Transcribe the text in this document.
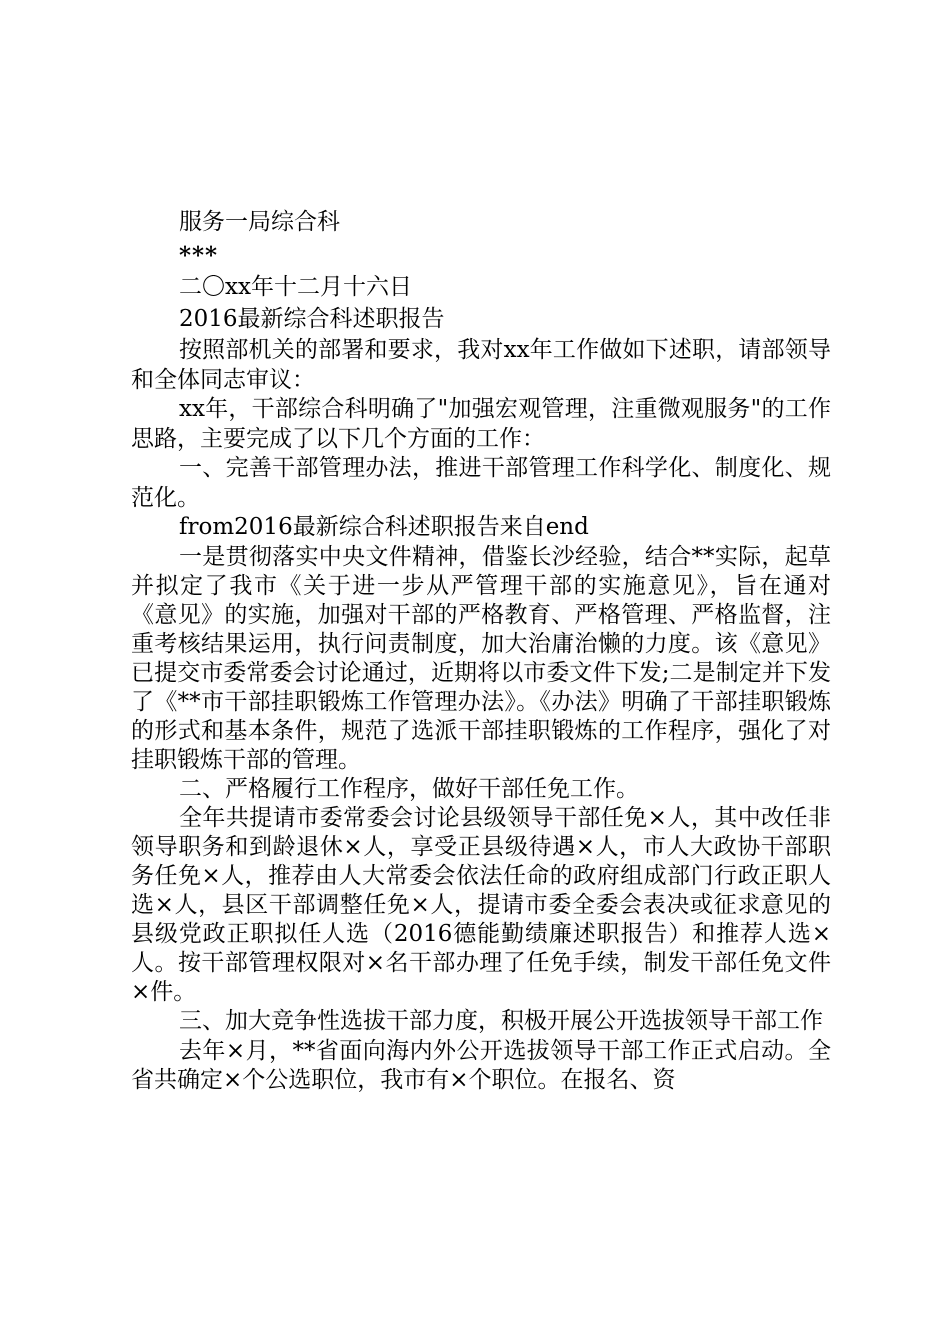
服务一局综合科

***

二〇xx年十二月十六日

2016最新综合科述职报告

按照部机关的部署和要求，我对xx年工作做如下述职，请部领导和全体同志审议：

xx年，干部综合科明确了"加强宏观管理，注重微观服务"的工作思路，主要完成了以下几个方面的工作：

一、完善干部管理办法，推进干部管理工作科学化、制度化、规范化。

from2016最新综合科述职报告来自end

一是贯彻落实中央文件精神，借鉴长沙经验，结合**实际，起草并拟定了我市《关于进一步从严管理干部的实施意见》，旨在通对《意见》的实施，加强对干部的严格教育、严格管理、严格监督，注重考核结果运用，执行问责制度，加大治庸治懒的力度。该《意见》已提交市委常委会讨论通过，近期将以市委文件下发;二是制定并下发了《**市干部挂职锻炼工作管理办法》。《办法》明确了干部挂职锻炼的形式和基本条件，规范了选派干部挂职锻炼的工作程序，强化了对挂职锻炼干部的管理。

二、严格履行工作程序，做好干部任免工作。

全年共提请市委常委会讨论县级领导干部任免×人，其中改任非领导职务和到龄退休×人，享受正县级待遇×人，市人大政协干部职务任免×人，推荐由人大常委会依法任命的政府组成部门行政正职人选×人，县区干部调整任免×人，提请市委全委会表决或征求意见的县级党政正职拟任人选（2016德能勤绩廉述职报告）和推荐人选×人。按干部管理权限对×名干部办理了任免手续，制发干部任免文件×件。

三、加大竞争性选拔干部力度，积极开展公开选拔领导干部工作

去年×月，**省面向海内外公开选拔领导干部工作正式启动。全省共确定×个公选职位，我市有×个职位。在报名、资
